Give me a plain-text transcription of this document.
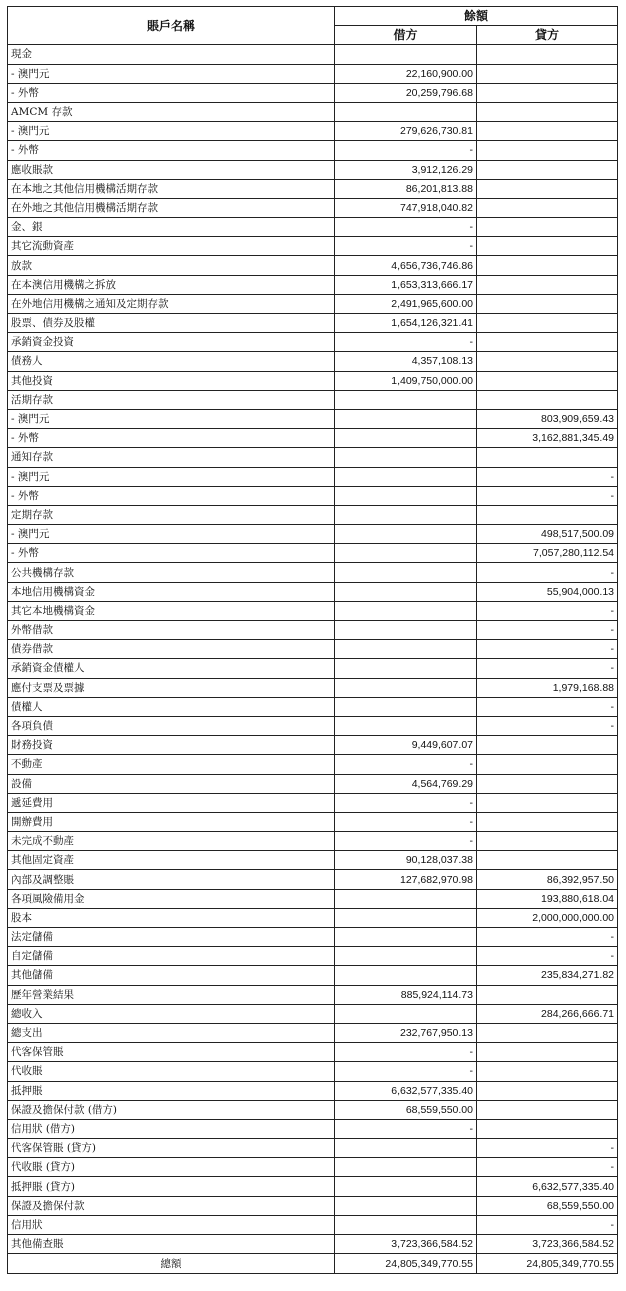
賬戶名稱	餘額	
	借方	貸方
現金		
- 澳門元	22,160,900.00	
- 外幣	20,259,796.68	
AMCM 存款		
- 澳門元	279,626,730.81	
- 外幣	-	
應收賬款	3,912,126.29	
在本地之其他信用機構活期存款	86,201,813.88	
在外地之其他信用機構活期存款	747,918,040.82	
金、銀	-	
其它流動資產	-	
放款	4,656,736,746.86	
在本澳信用機構之拆放	1,653,313,666.17	
在外地信用機構之通知及定期存款	2,491,965,600.00	
股票、債券及股權	1,654,126,321.41	
承銷資金投資	-	
債務人	4,357,108.13	
其他投資	1,409,750,000.00	
活期存款		
- 澳門元		803,909,659.43
- 外幣		3,162,881,345.49
通知存款		
- 澳門元		-
- 外幣		-
定期存款		
- 澳門元		498,517,500.09
- 外幣		7,057,280,112.54
公共機構存款		-
本地信用機構資金		55,904,000.13
其它本地機構資金		-
外幣借款		-
債券借款		-
承銷資金債權人		-
應付支票及票據		1,979,168.88
債權人		-
各項負債		-
財務投資	9,449,607.07	
不動產	-	
設備	4,564,769.29	
遞延費用	-	
開辦費用	-	
未完成不動產	-	
其他固定資產	90,128,037.38	
內部及調整賬	127,682,970.98	86,392,957.50
各項風險備用金		193,880,618.04
股本		2,000,000,000.00
法定儲備		-
自定儲備		-
其他儲備		235,834,271.82
歷年營業結果	885,924,114.73	
總收入		284,266,666.71
總支出	232,767,950.13	
代客保管賬	-	
代收賬	-	
抵押賬	6,632,577,335.40	
保證及擔保付款 (借方)	68,559,550.00	
信用狀 (借方)	-	
代客保管賬 (貸方)		-
代收賬 (貸方)		-
抵押賬 (貸方)		6,632,577,335.40
保證及擔保付款		68,559,550.00
信用狀		-
其他備查賬	3,723,366,584.52	3,723,366,584.52
總額	24,805,349,770.55	24,805,349,770.55
